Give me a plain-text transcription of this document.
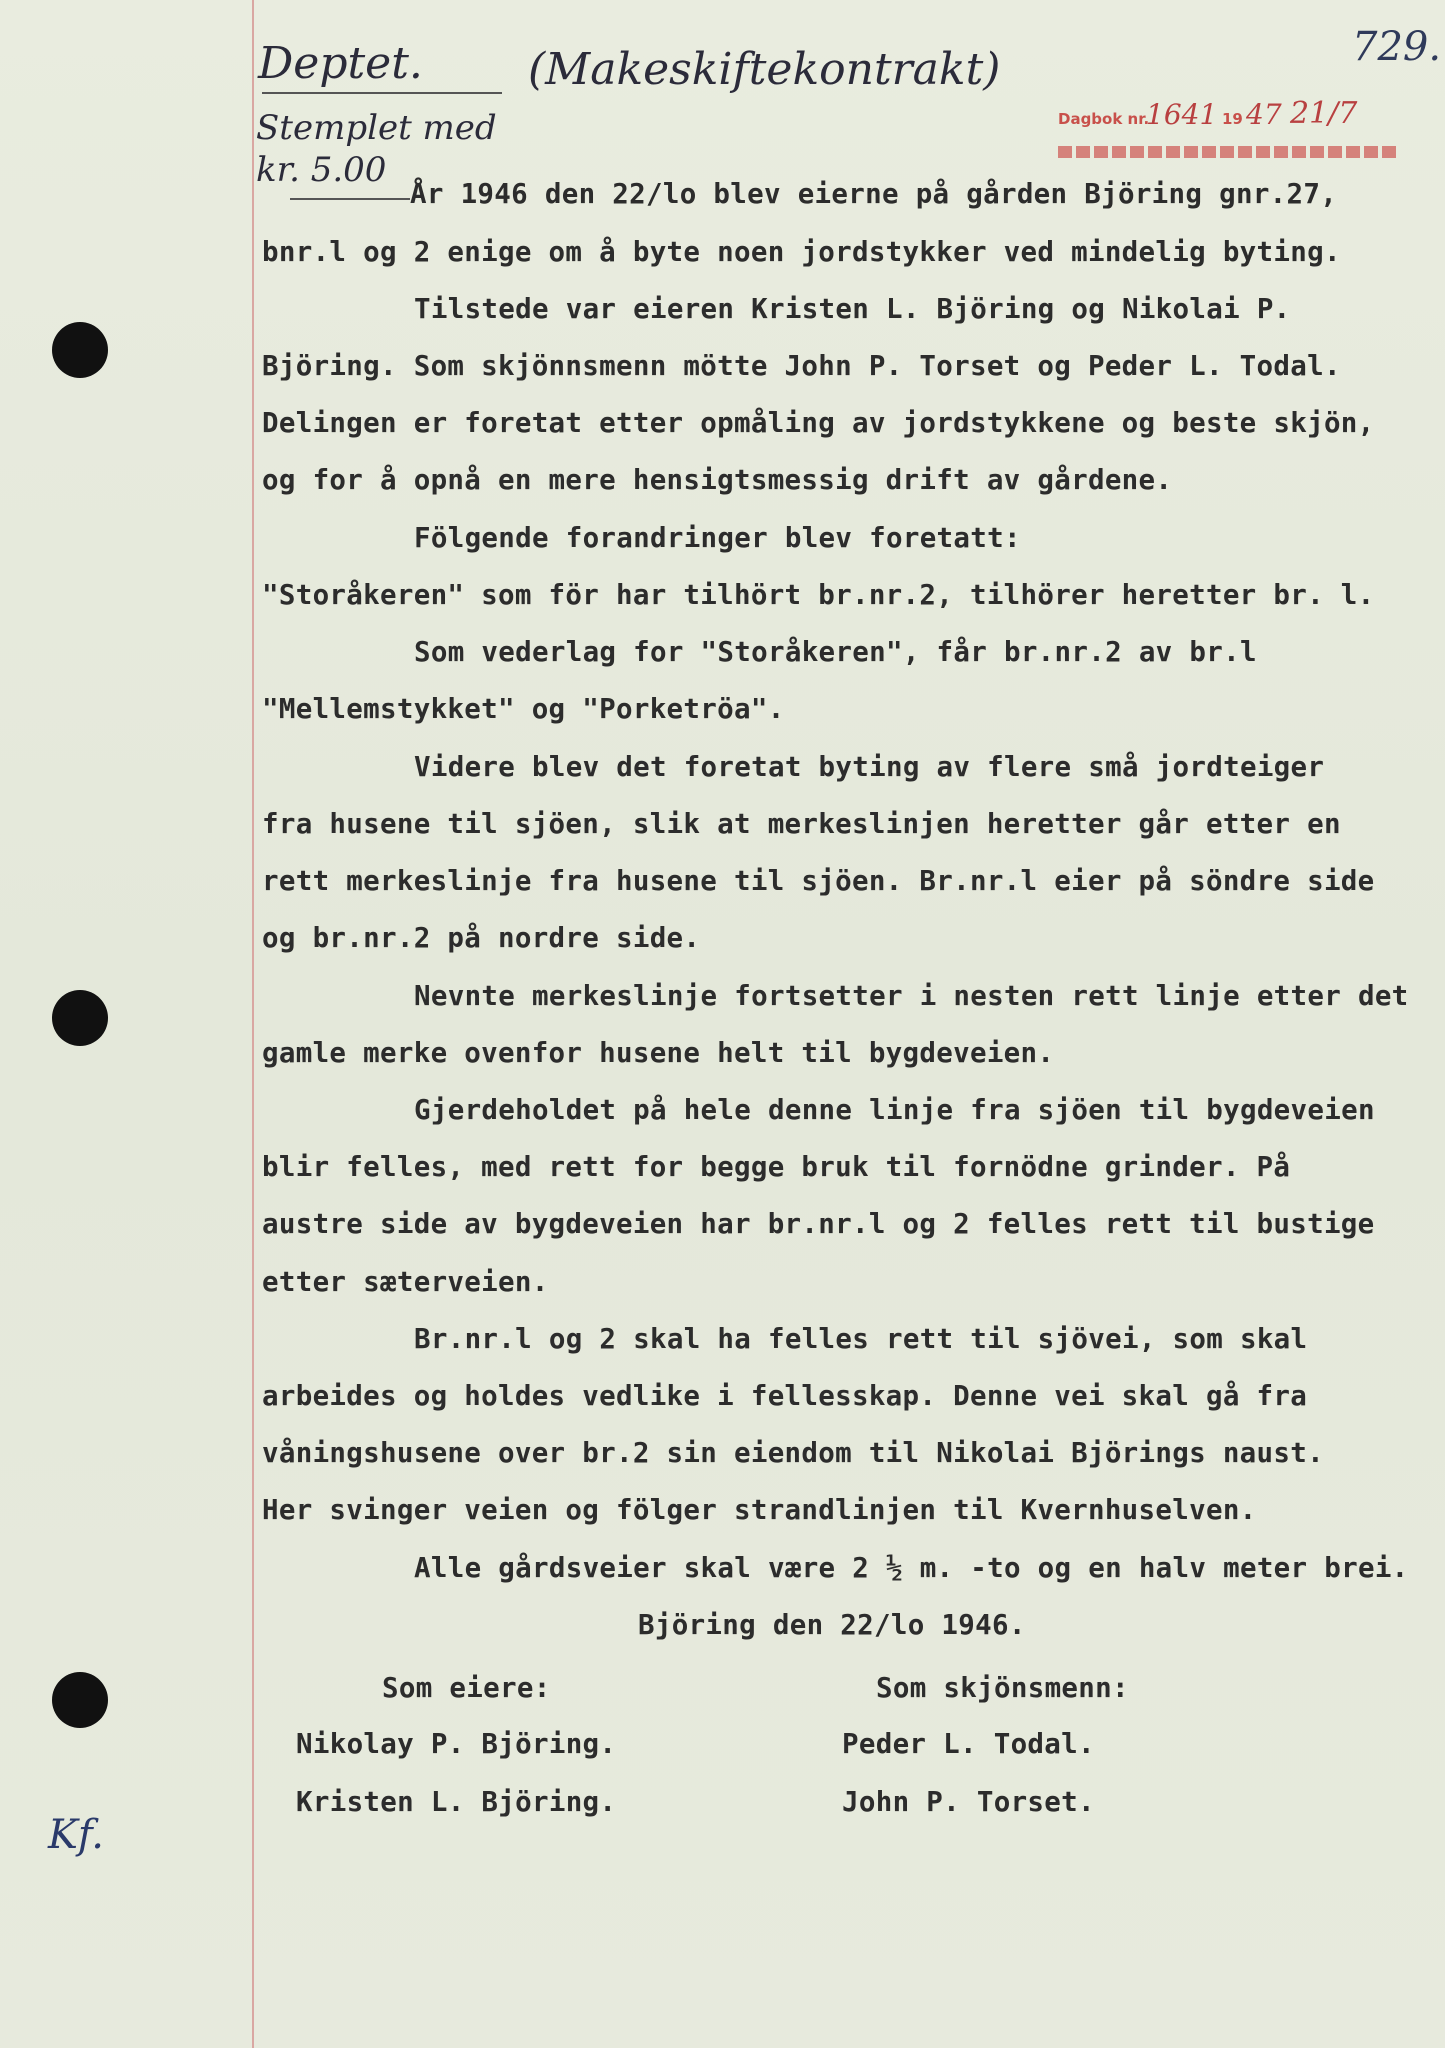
Deptet. (Makeskiftekontrakt)
Stemplet med
kr. 5.00
729.
Dagbok nr.
1641 19 47 21/7
År 1946 den 22/lo blev eierne på gården Björing gnr.27,
bnr.l og 2 enige om å byte noen jordstykker ved mindelig byting.
Tilstede var eieren Kristen L. Björing og Nikolai P.
Björing. Som skjönnsmenn mötte John P. Torset og Peder L. Todal.
Delingen er foretat etter opmåling av jordstykkene og beste skjön,
og for å opnå en mere hensigtsmessig drift av gårdene.
Fölgende forandringer blev foretatt:
"Storåkeren" som för har tilhört br.nr.2, tilhörer heretter br. l.
Som vederlag for "Storåkeren", får br.nr.2 av br.l
"Mellemstykket" og "Porketröa".
Videre blev det foretat byting av flere små jordteiger
fra husene til sjöen, slik at merkeslinjen heretter går etter en
rett merkeslinje fra husene til sjöen. Br.nr.l eier på söndre side
og br.nr.2 på nordre side.
Nevnte merkeslinje fortsetter i nesten rett linje etter det
gamle merke ovenfor husene helt til bygdeveien.
Gjerdeholdet på hele denne linje fra sjöen til bygdeveien
blir felles, med rett for begge bruk til fornödne grinder. På
austre side av bygdeveien har br.nr.l og 2 felles rett til bustige
etter sæterveien.
Br.nr.l og 2 skal ha felles rett til sjövei, som skal
arbeides og holdes vedlike i fellesskap. Denne vei skal gå fra
våningshusene over br.2 sin eiendom til Nikolai Björings naust.
Her svinger veien og fölger strandlinjen til Kvernhuselven.
Alle gårdsveier skal være 2 ½ m. -to og en halv meter brei.
Björing den 22/lo 1946.
Som eiere:
Nikolay P. Björing.
Kristen L. Björing.
Som skjönsmenn:
Peder L. Todal.
John P. Torset.
Kf.
